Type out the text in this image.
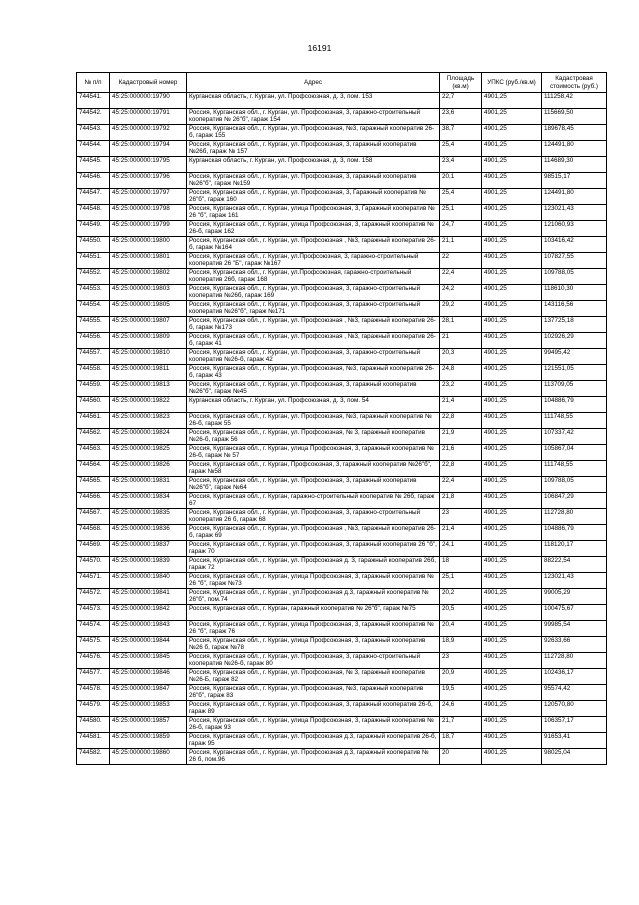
16191
№ п/п	Кадастровый номер	Адрес	Площадь (кв.м)	УПКС (руб./кв.м)	Кадастровая стоимость (руб.)
744541.	45:25:000000:19790	Курганская область, г. Курган, ул. Профсоюзная, д. 3, пом. 153	22,7	4901,25	111258,42
744542.	45:25:000000:19791	Россия, Курганская обл., г. Курган, ул. Профсоюзная, 3, гаражно-строительный кооператив № 26"б", гараж 154	23,6	4901,25	115669,50
744543.	45:25:000000:19792	Россия, Курганская обл., г. Курган, ул. Профсоюзная, №3, гаражный кооператив 26-б, гараж 155	38,7	4901,25	189678,45
744544.	45:25:000000:19794	Россия, Курганская обл., г. Курган, ул. Профсоюзная, 3, гаражный кооператив №26б, гараж № 157	25,4	4901,25	124491,80
744545.	45:25:000000:19795	Курганская область, г. Курган, ул. Профсоюзная, д. 3, пом. 158	23,4	4901,25	114689,30
744546.	45:25:000000:19796	Россия, Курганская обл., г. Курган, ул. Профсоюзная, 3, гаражный кооператив №26"б", гараж №159	20,1	4901,25	98515,17
744547.	45:25:000000:19797	Россия, Курганская обл., г. Курган, ул. Профсоюзная, 3, Гаражный кооператив № 26"б", гараж 160	25,4	4901,25	124491,80
744548.	45:25:000000:19798	Россия, Курганская обл., г. Курган, улица Профсоюзная, 3, Гаражный кооператив № 26 "б", гараж 161	25,1	4901,25	123021,43
744549.	45:25:000000:19799	Россия, Курганская обл., г. Курган, улица Профсоюзная, 3, гаражный кооператив № 26-б, гараж 162	24,7	4901,25	121060,93
744550.	45:25:000000:19800	Россия, Курганская обл., г. Курган, ул. Профсоюзная , №3, гаражный кооператив 26-б, гараж №164	21,1	4901,25	103416,42
744551.	45:25:000000:19801	Россия, Курганская обл., г. Курган, ул.Профсоюзная, 3, гаражно-строительный кооператив 26 "Б", гараж №167	22	4901,25	107827,55
744552.	45:25:000000:19802	Россия, Курганская обл., г. Курган, ул.Профсоюзная, гаражно-строительный кооператив 26б, гараж 168	22,4	4901,25	109788,05
744553.	45:25:000000:19803	Россия, Курганская обл., г. Курган, ул. Профсоюзная, 3, гаражно-строительный кооператив №26б, гараж 169	24,2	4901,25	118610,30
744554.	45:25:000000:19805	Россия, Курганская обл., г. Курган, ул. Профсоюзная, 3, гаражно-строительный кооператив №26"б", гараж №171	29,2	4901,25	143116,56
744555.	45:25:000000:19807	Россия, Курганская обл., г. Курган, ул. Профсоюзная , №3, гаражный кооператив 26-б, гараж №173	28,1	4901,25	137725,18
744556.	45:25:000000:19809	Россия, Курганская обл., г. Курган, ул. Профсоюзная , №3, гаражный кооператив 26-б, гараж 41	21	4901,25	102926,29
744557.	45:25:000000:19810	Россия, Курганская обл., г. Курган, ул. Профсоюзная, 3, гаражно-строительный кооператив №26-б, гараж 42	20,3	4901,25	99495,42
744558.	45:25:000000:19811	Россия, Курганская обл., г. Курган, ул. Профсоюзная, №3, гаражный кооператив 26-б, гараж 43	24,8	4901,25	121551,05
744559.	45:25:000000:19813	Россия, Курганская обл., г. Курган, ул. Профсоюзная, 3, гаражный кооператив №26"б", гараж №45	23,2	4901,25	113709,05
744560.	45:25:000000:19822	Курганская область, г. Курган, ул. Профсоюзная, д. 3, пом. 54	21,4	4901,25	104886,79
744561.	45:25:000000:19823	Россия, Курганская обл., г. Курган, ул. Профсоюзная, №3, гаражный кооператив № 26-б, гараж 55	22,8	4901,25	111748,55
744562.	45:25:000000:19824	Россия, Курганская обл., г. Курган, ул. Профсоюзная, № 3, гаражный кооператив №26-б, гараж 56	21,9	4901,25	107337,42
744563.	45:25:000000:19825	Россия, Курганская обл., г. Курган, улица Профсоюзная, 3, гаражный кооператив № 26-б, гараж № 57	21,6	4901,25	105867,04
744564.	45:25:000000:19826	Россия, Курганская обл., г. Курган, Профсоюзная, 3, гаражный кооператив №26"б", гараж №58	22,8	4901,25	111748,55
744565.	45:25:000000:19831	Россия, Курганская обл., г. Курган, ул. Профсоюзная, 3, гаражный кооператив №26"б", гараж №64	22,4	4901,25	109788,05
744566.	45:25:000000:19834	Россия, Курганская обл., г. Курган, гаражно-строительный кооператив № 26б, гараж 67	21,8	4901,25	106847,29
744567.	45:25:000000:19835	Россия, Курганская обл., г. Курган, ул. Профсоюзная, 3, гаражно-строительный кооператив 26 б, гараж 68	23	4901,25	112728,80
744568.	45:25:000000:19836	Россия, Курганская обл., г. Курган, ул. Профсоюзная , №3, гаражный кооператив 26-б, гараж 69	21,4	4901,25	104886,79
744569.	45:25:000000:19837	Россия, Курганская обл., г. Курган, ул. Профсоюзная, 3, гаражный кооператив 26 "б", гараж 70	24,1	4901,25	118120,17
744570.	45:25:000000:19839	Россия, Курганская обл., г. Курган, ул. Профсоюзная д. 3, гаражный кооператив 26б, гараж 72	18	4901,25	88222,54
744571.	45:25:000000:19840	Россия, Курганская обл., г. Курган, улица Профсоюзная, 3, гаражный кооператив № 26 "б", гараж №73	25,1	4901,25	123021,43
744572.	45:25:000000:19841	Россия, Курганская обл., г. Курган , ул.Профсоюзная д.3, гаражный кооператив № 26"б", пом.74	20,2	4901,25	99005,29
744573.	45:25:000000:19842	Россия, Курганская обл., г. Курган, гаражный кооператив № 26"б", гараж №75	20,5	4901,25	100475,67
744574.	45:25:000000:19843	Россия, Курганская обл., г. Курган, улица Профсоюзная, 3, гаражный кооператив № 26 "б", гараж 76	20,4	4901,25	99985,54
744575.	45:25:000000:19844	Россия, Курганская обл., г. Курган, улица Профсоюзная, 3, гаражный кооператив №26 б, гараж №78	18,9	4901,25	92633,66
744576.	45:25:000000:19845	Россия, Курганская обл., г. Курган, ул. Профсоюзная, 3, гаражно-строительный кооператив №26-б, гараж 80	23	4901,25	112728,80
744577.	45:25:000000:19846	Россия, Курганская обл., г. Курган, ул. Профсоюзная, № 3, гаражный кооператив №26-Б, гараж 82	20,9	4901,25	102436,17
744578.	45:25:000000:19847	Россия, Курганская обл., г. Курган, ул. Профсоюзная, №3, гаражный кооператив 26"б", гараж 83	19,5	4901,25	95574,42
744579.	45:25:000000:19853	Россия, Курганская обл., г. Курган, ул. Профсоюзная, 3, гаражный кооператив 26-б, гараж 89	24,6	4901,25	120570,80
744580.	45:25:000000:19857	Россия, Курганская обл., г. Курган, улица Профсоюзная, 3, гаражный кооператив № 26-б, гараж 93	21,7	4901,25	106357,17
744581.	45:25:000000:19859	Россия, Курганская обл., г. Курган, ул. Профсоюзная д.3, гаражный кооператив 26-б, гараж 95	18,7	4901,25	91653,41
744582.	45:25:000000:19860	Россия, Курганская обл., г. Курган, ул. Профсоюзная д.3, гаражный кооператив № 26 б, пом.96	20	4901,25	98025,04
